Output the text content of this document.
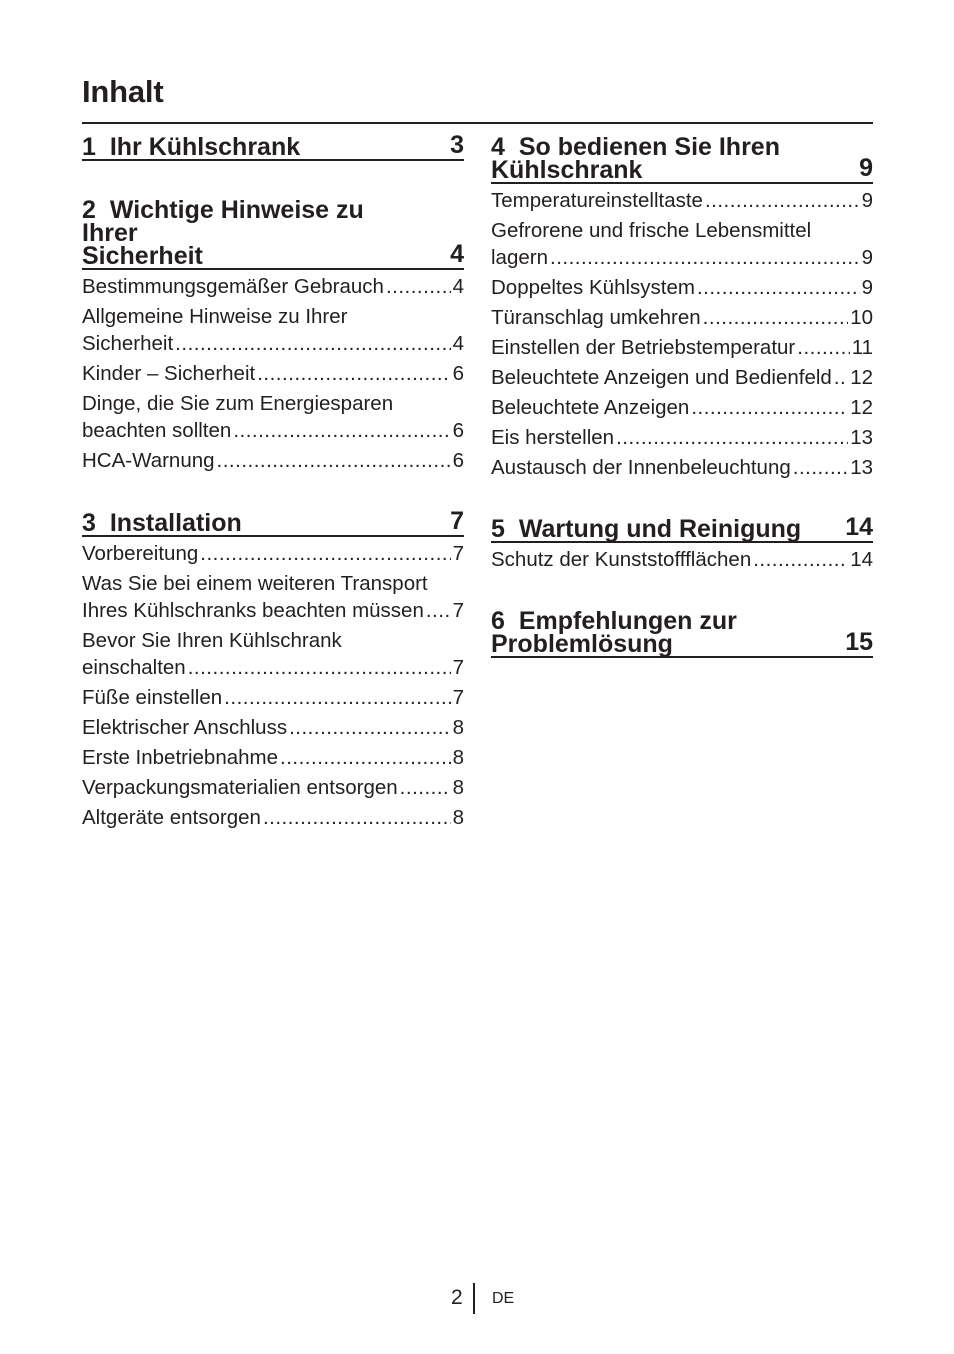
Inhalt
1 Ihr Kühlschrank	3
2 Wichtige Hinweise zu Ihrer
Sicherheit	4
Bestimmungsgemäßer Gebrauch .....	4
Allgemeine Hinweise zu Ihrer
Sicherheit .....	4
Kinder – Sicherheit .....	6
Dinge, die Sie zum Energiesparen
beachten sollten .....	6
HCA-Warnung .....	6
3 Installation	7
Vorbereitung .....	7
Was Sie bei einem weiteren Transport
Ihres Kühlschranks beachten müssen ..... 7
Bevor Sie Ihren Kühlschrank
einschalten .....	7
Füße einstellen .....	7
Elektrischer Anschluss .....	8
Erste Inbetriebnahme .....	8
Verpackungsmaterialien entsorgen .....	8
Altgeräte entsorgen .....	8
4 So bedienen Sie Ihren
Kühlschrank	9
Temperatureinstelltaste .....	9
Gefrorene und frische Lebensmittel
lagern .....	9
Doppeltes Kühlsystem .....	9
Türanschlag umkehren .....	10
Einstellen der Betriebstemperatur .....	11
Beleuchtete Anzeigen und Bedienfeld ..... 12
Beleuchtete Anzeigen .....	12
Eis herstellen .....	13
Austausch der Innenbeleuchtung .....	13
5 Wartung und Reinigung	14
Schutz der Kunststoffflächen .....	14
6 Empfehlungen zur
Problemlösung	15
2 DE
